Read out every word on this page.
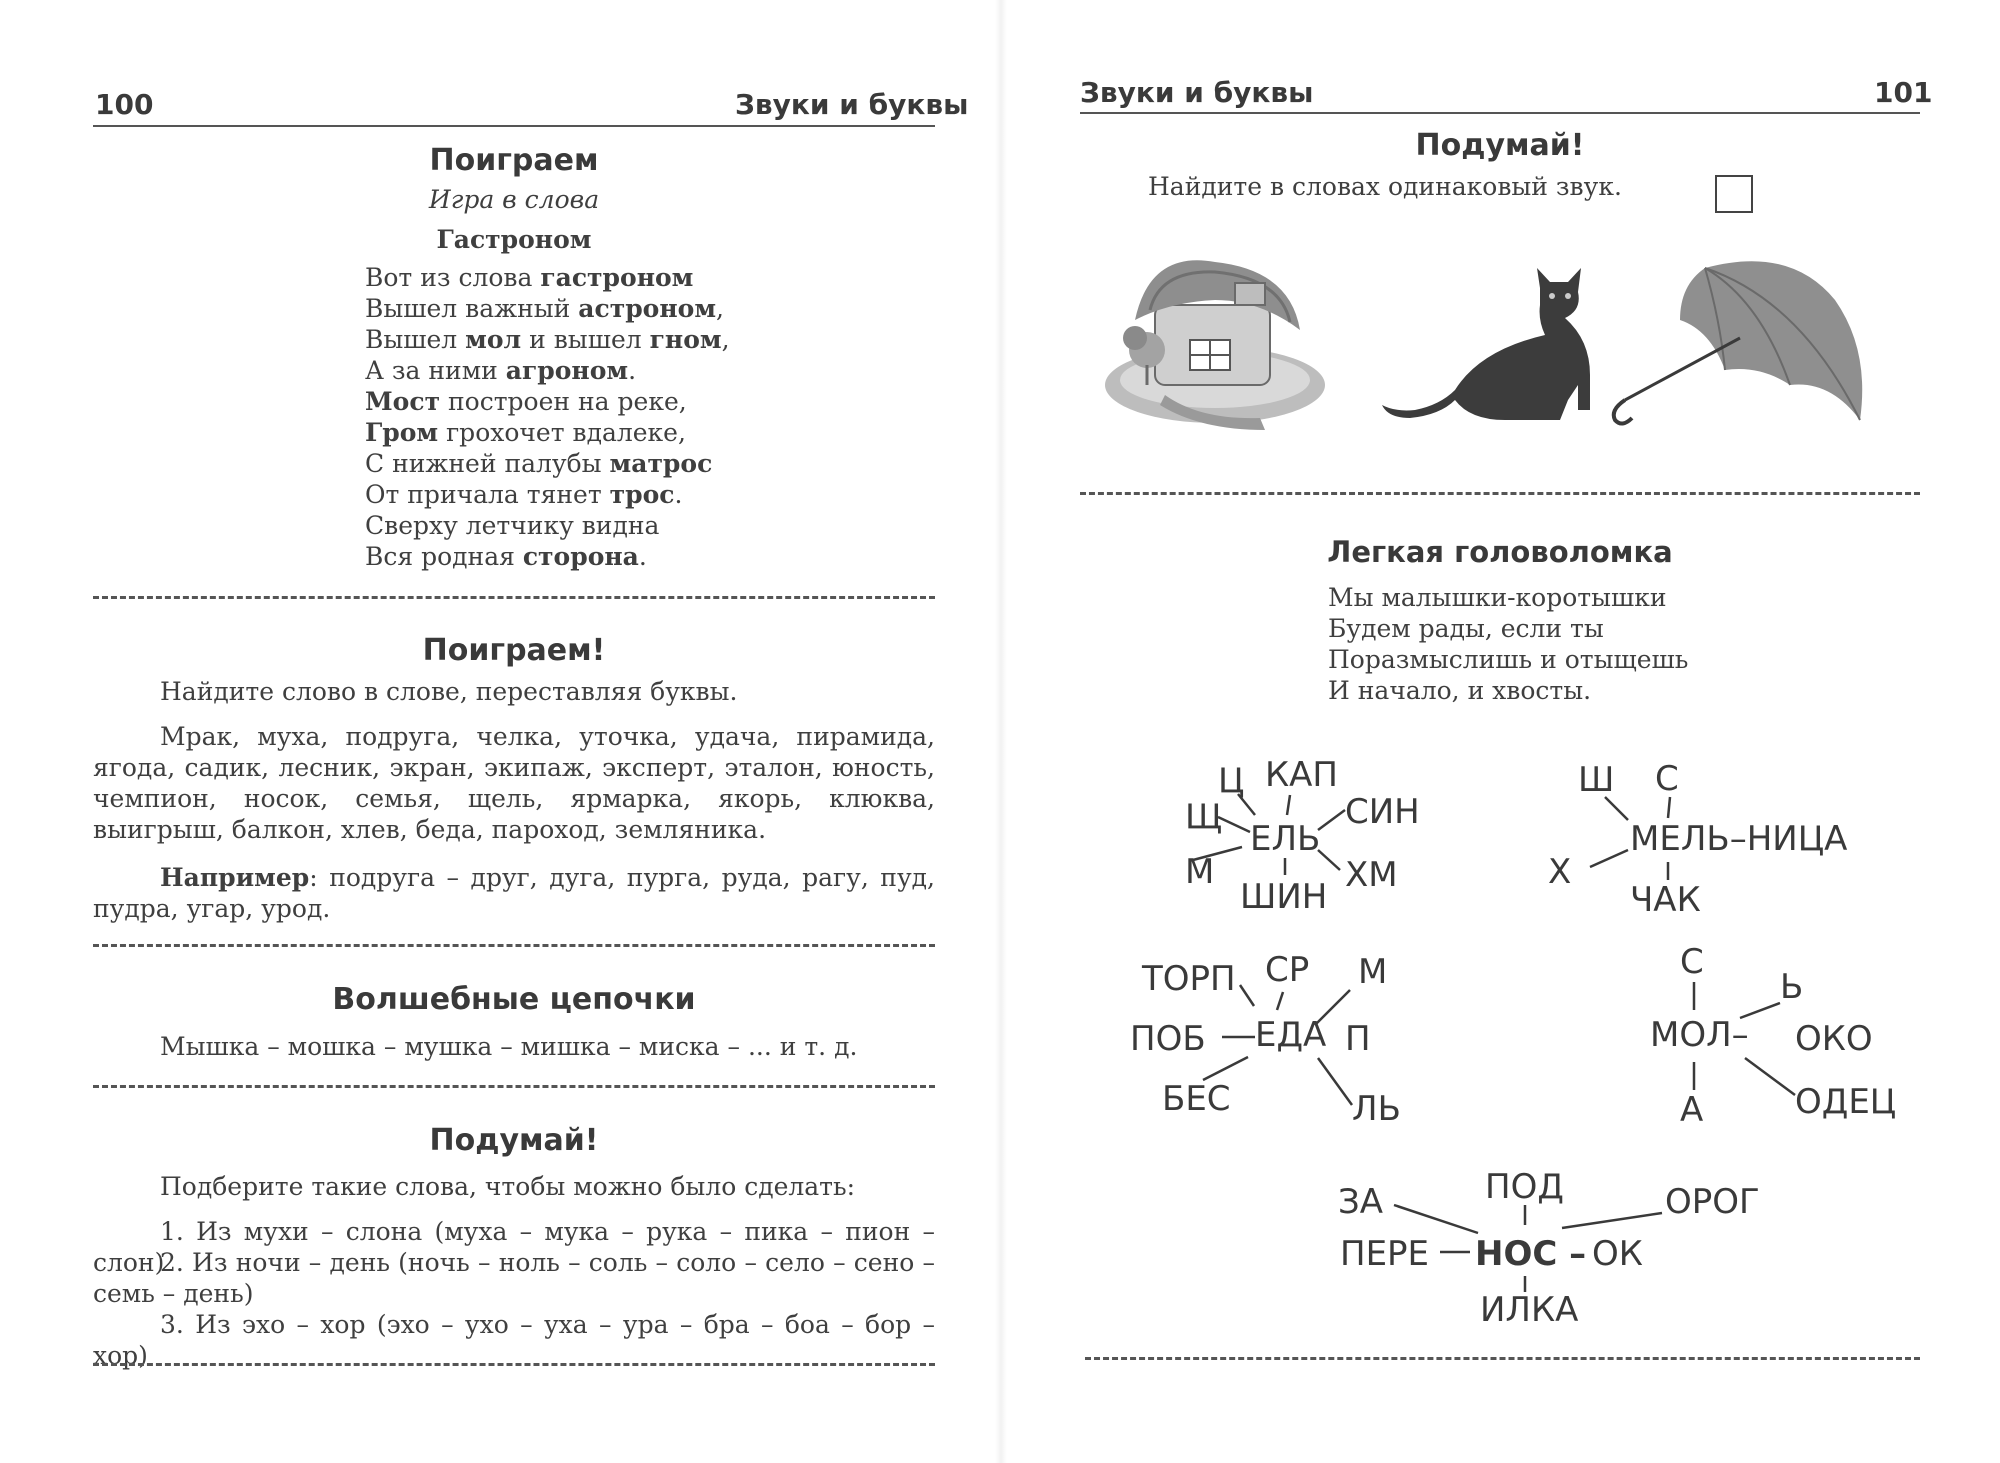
100	Звуки и буквы
Поиграем
Игра в слова
Гастроном
Вот из слова гастроном
Вышел важный астроном,
Вышел мол и вышел гном,
А за ними агроном.
Мост построен на реке,
Гром грохочет вдалеке,
С нижней палубы матрос
От причала тянет трос.
Сверху летчику видна
Вся родная сторона.
Поиграем!
Найдите слово в слове, переставляя буквы.
Мрак, муха, подруга, челка, уточка, удача, пирамида, ягода, садик, лесник, экран, экипаж, эксперт, эталон, юность, чемпион, носок, семья, щель, ярмарка, якорь, клюква, выигрыш, балкон, хлев, беда, пароход, земляника.
Например: подруга – друг, дуга, пурга, руда, рагу, пуд, пудра, угар, урод.
Волшебные цепочки
Мышка – мошка – мушка – мишка – миска – ... и т. д.
Подумай!
Подберите такие слова, чтобы можно было сделать:
1. Из мухи – слона (муха – мука – рука – пика – пион – слон)
2. Из ночи – день (ночь – ноль – соль – соло – село – сено – семь – день)
3. Из эхо – хор (эхо – ухо – уха – ура – бра – боа – бор – хор)
Звуки и буквы	101
Подумай!
Найдите в словах одинаковый звук.
Легкая головоломка
Мы малышки-коротышки
Будем рады, если ты
Поразмыслишь и отыщешь
И начало, и хвосты.
Ц КАП
Щ	СИН
М	ХМ
ШИН
ЕЛЬ
Ш С
Х
ЧАК
МЕЛЬ–НИЦА
ТОРП СР М
ПОБ	П
БЕС	ЛЬ
ЕДА
С
Ь
ОКО
А	ОДЕЦ
МОЛ–
ЗА	ПОД	ОРОГ
ПЕРЕ	ОК
ИЛКА
НОС –
